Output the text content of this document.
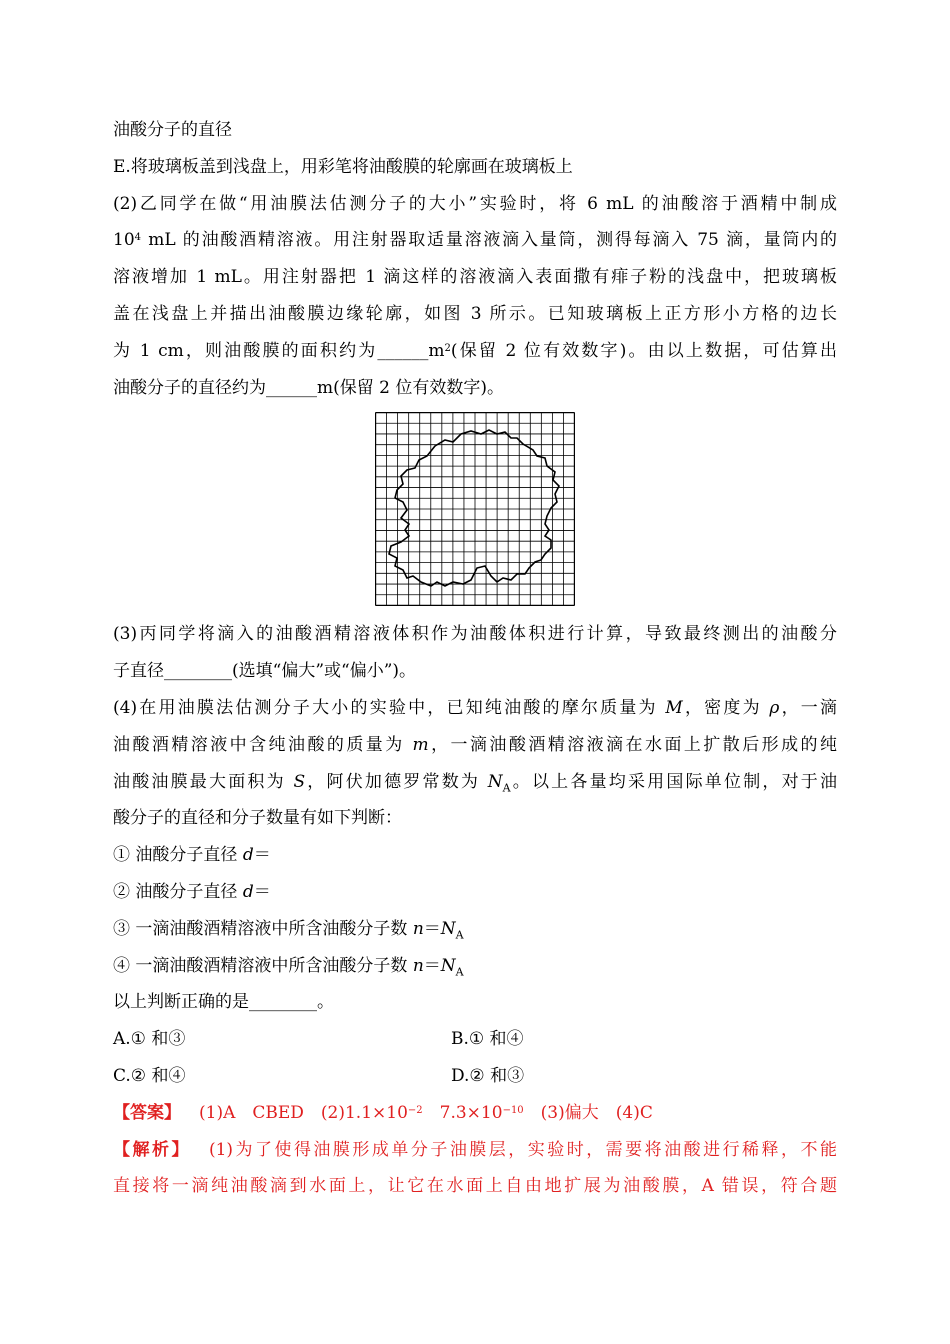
油酸分子的直径
E.将玻璃板盖到浅盘上，用彩笔将油酸膜的轮廓画在玻璃板上
(2)乙同学在做“用油膜法估测分子的大小”实验时，将 6 mL 的油酸溶于酒精中制成
$10^4$ mL 的油酸酒精溶液。用注射器取适量溶液滴入量筒，测得每滴入 75 滴，量筒内的
溶液增加 1 mL。用注射器把 1 滴这样的溶液滴入表面撒有痱子粉的浅盘中，把玻璃板
盖在浅盘上并描出油酸膜边缘轮廓，如图 3 所示。已知玻璃板上正方形小方格的边长
为 1 cm，则油酸膜的面积约为$\_\_\_\_\_\_m^2$(保留 2 位有效数字)。由以上数据，可估算出
油酸分子的直径约为______m(保留 2 位有效数字)。
(3)丙同学将滴入的油酸酒精溶液体积作为油酸体积进行计算，导致最终测出的油酸分
子直径________(选填“偏大”或“偏小”)。
(4)在用油膜法估测分子大小的实验中，已知纯油酸的摩尔质量为 M，密度为 ρ，一滴
油酸酒精溶液中含纯油酸的质量为 m，一滴油酸酒精溶液滴在水面上扩散后形成的纯
油酸油膜最大面积为 S，阿伏加德罗常数为 $N_A$。以上各量均采用国际单位制，对于油
酸分子的直径和分子数量有如下判断：
① 油酸分子直径 d＝
② 油酸分子直径 d＝
③ 一滴油酸酒精溶液中所含油酸分子数 $n=N_A$
④ 一滴油酸酒精溶液中所含油酸分子数 $n=N_A$
以上判断正确的是________。
A.① 和③	B.① 和④
C.② 和④	D.② 和③
【答案】 (1)A　CBED　$(2)1.1\times 10^{-2}$　$7.3\times 10^{-10}$　(3)偏大　(4)C
【解析】 (1)为了使得油膜形成单分子油膜层，实验时，需要将油酸进行稀释，不能
直接将一滴纯油酸滴到水面上，让它在水面上自由地扩展为油酸膜，A 错误，符合题
